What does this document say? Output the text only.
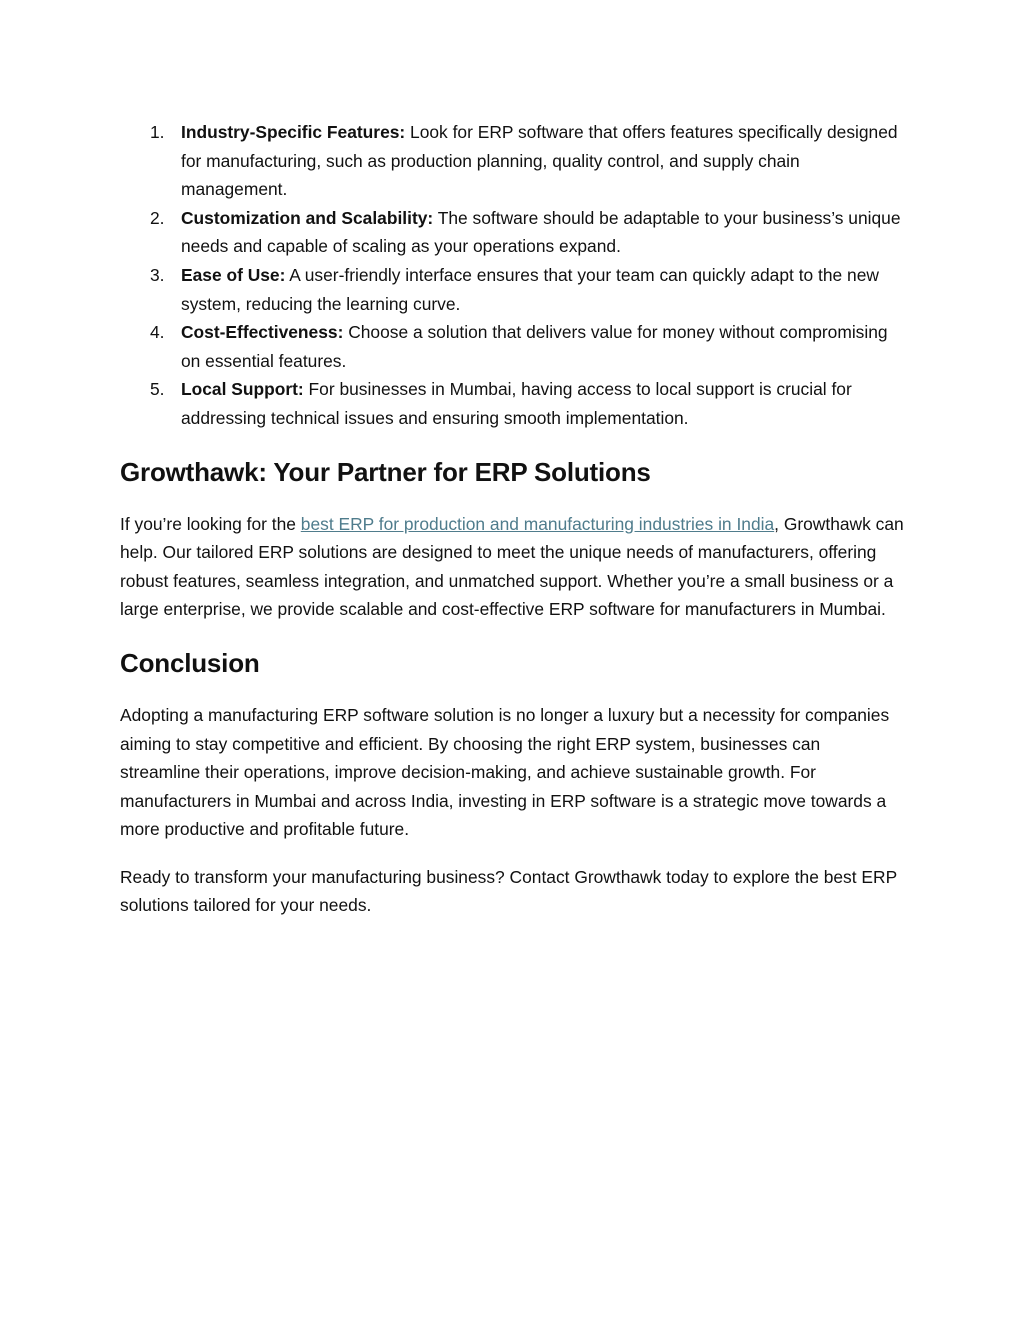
1. Industry-Specific Features: Look for ERP software that offers features specifically designed for manufacturing, such as production planning, quality control, and supply chain management.
2. Customization and Scalability: The software should be adaptable to your business’s unique needs and capable of scaling as your operations expand.
3. Ease of Use: A user-friendly interface ensures that your team can quickly adapt to the new system, reducing the learning curve.
4. Cost-Effectiveness: Choose a solution that delivers value for money without compromising on essential features.
5. Local Support: For businesses in Mumbai, having access to local support is crucial for addressing technical issues and ensuring smooth implementation.
Growthawk: Your Partner for ERP Solutions

If you’re looking for the best ERP for production and manufacturing industries in India, Growthawk can help. Our tailored ERP solutions are designed to meet the unique needs of manufacturers, offering robust features, seamless integration, and unmatched support. Whether you’re a small business or a large enterprise, we provide scalable and cost-effective ERP software for manufacturers in Mumbai.

Conclusion

Adopting a manufacturing ERP software solution is no longer a luxury but a necessity for companies aiming to stay competitive and efficient. By choosing the right ERP system, businesses can streamline their operations, improve decision-making, and achieve sustainable growth. For manufacturers in Mumbai and across India, investing in ERP software is a strategic move towards a more productive and profitable future.

Ready to transform your manufacturing business? Contact Growthawk today to explore the best ERP solutions tailored for your needs.
